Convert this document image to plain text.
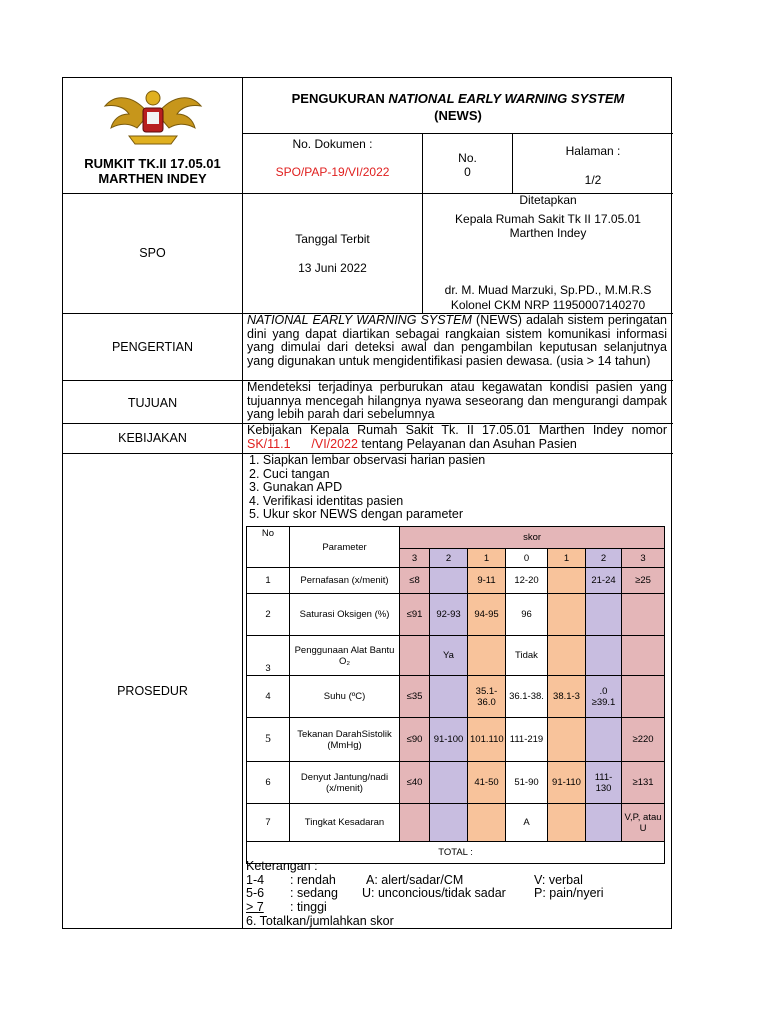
RUMKIT TK.II 17.05.01
MARTHEN INDEY
PENGUKURAN NATIONAL EARLY WARNING SYSTEM
(NEWS)
No. Dokumen :
SPO/PAP-19/VI/2022
No.
0
Halaman :
1/2
SPO
Tanggal Terbit
13 Juni 2022
Ditetapkan
Kepala Rumah Sakit Tk II 17.05.01
Marthen Indey
dr. M. Muad Marzuki, Sp.PD., M.M.R.S
Kolonel CKM NRP 11950007140270
PENGERTIAN
NATIONAL EARLY WARNING SYSTEM (NEWS) adalah sistem peringatan dini yang dapat diartikan sebagai rangkaian sistem komunikasi informasi yang dimulai dari deteksi awal dan pengambilan keputusan selanjutnya yang digunakan untuk mengidentifikasi pasien dewasa. (usia > 14 tahun)
TUJUAN
Mendeteksi terjadinya perburukan atau kegawatan kondisi pasien yang tujuannya mencegah hilangnya nyawa seseorang dan mengurangi dampak yang lebih parah dari sebelumnya
KEBIJAKAN
Kebijakan Kepala Rumah Sakit Tk. II 17.05.01 Marthen Indey nomor SK/11.1      /VI/2022 tentang Pelayanan dan Asuhan Pasien
PROSEDUR
1. Siapkan lembar observasi harian pasien
2. Cuci tangan
3. Gunakan APD
4. Verifikasi identitas pasien
5. Ukur skor NEWS dengan parameter
No	Parameter	skor						
		3	2	1	0	1	2	3
1	Pernafasan (x/menit)	≤8		9-11	12-20		21-24	≥25
2	Saturasi Oksigen (%)	≤91	92-93	94-95	96			
3	Penggunaan Alat Bantu O₂		Ya		Tidak			
4	Suhu (ºC)	≤35		35.1-36.0	36.1-38.	38.1-3	.0 ≥39.1	
5	Tekanan DarahSistolik (MmHg)	≤90	91-100	101.110	111-219			≥220
6	Denyut Jantung/nadi (x/menit)	≤40		41-50	51-90	91-110	111-130	≥131
7	Tingkat Kesadaran				A			V,P, atau U
TOTAL :								
Keterangan :
1-4 : rendah A: alert/sadar/CM	V: verbal
5-6 : sedang U: unconcious/tidak sadar P: pain/nyeri
> 7 : tinggi
6. Totalkan/jumlahkan skor
